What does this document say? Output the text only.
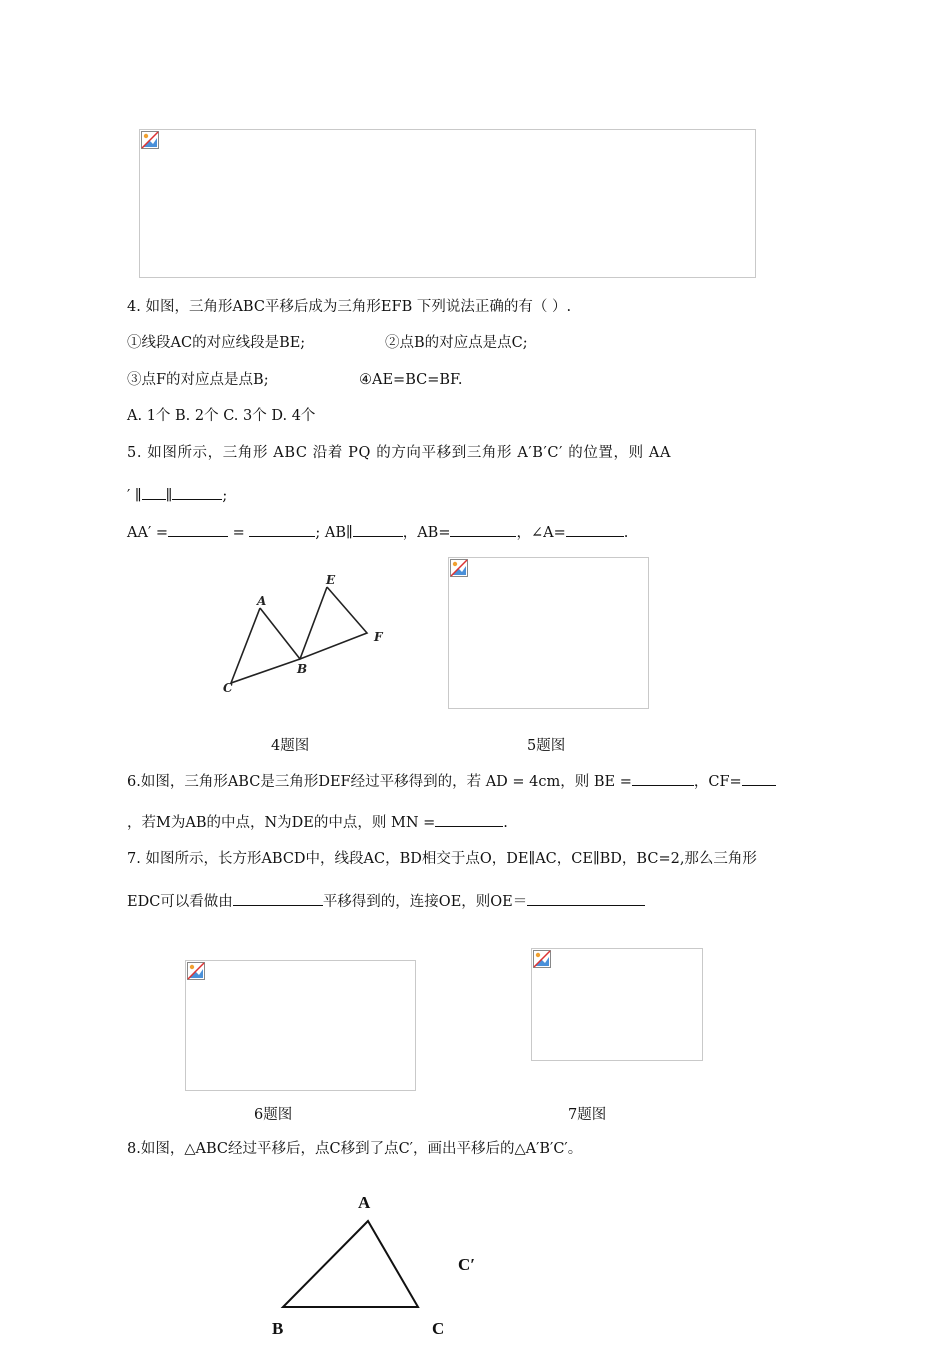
4. 如图，三角形ABC平移后成为三角形EFB 下列说法正确的有（ ）.
①线段AC的对应线段是BE;	②点B的对应点是点C;
③点F的对应点是点B;	④AE=BC=BF.
A. 1个 B. 2个 C. 3个 D. 4个
5. 如图所示，三角形 ABC 沿着 PQ 的方向平移到三角形 A′B′C′ 的位置，则 AA
′ ∥ ∥	;
AA′ =	=	; AB∥	，AB=	，∠A=	.
A
E
F
B
C
4题图	5题图
6.如图，三角形ABC是三角形DEF经过平移得到的，若 AD = 4cm，则 BE =	，CF=
，若M为AB的中点，N为DE的中点，则 MN =	.
7. 如图所示，长方形ABCD中，线段AC，BD相交于点O，DE∥AC，CE∥BD，BC=2,那么三角形
EDC可以看做由	平移得到的，连接OE，则OE＝
6题图	7题图
8.如图，△ABC经过平移后，点C移到了点C′，画出平移后的△A′B′C′。
A
B	C
C′
